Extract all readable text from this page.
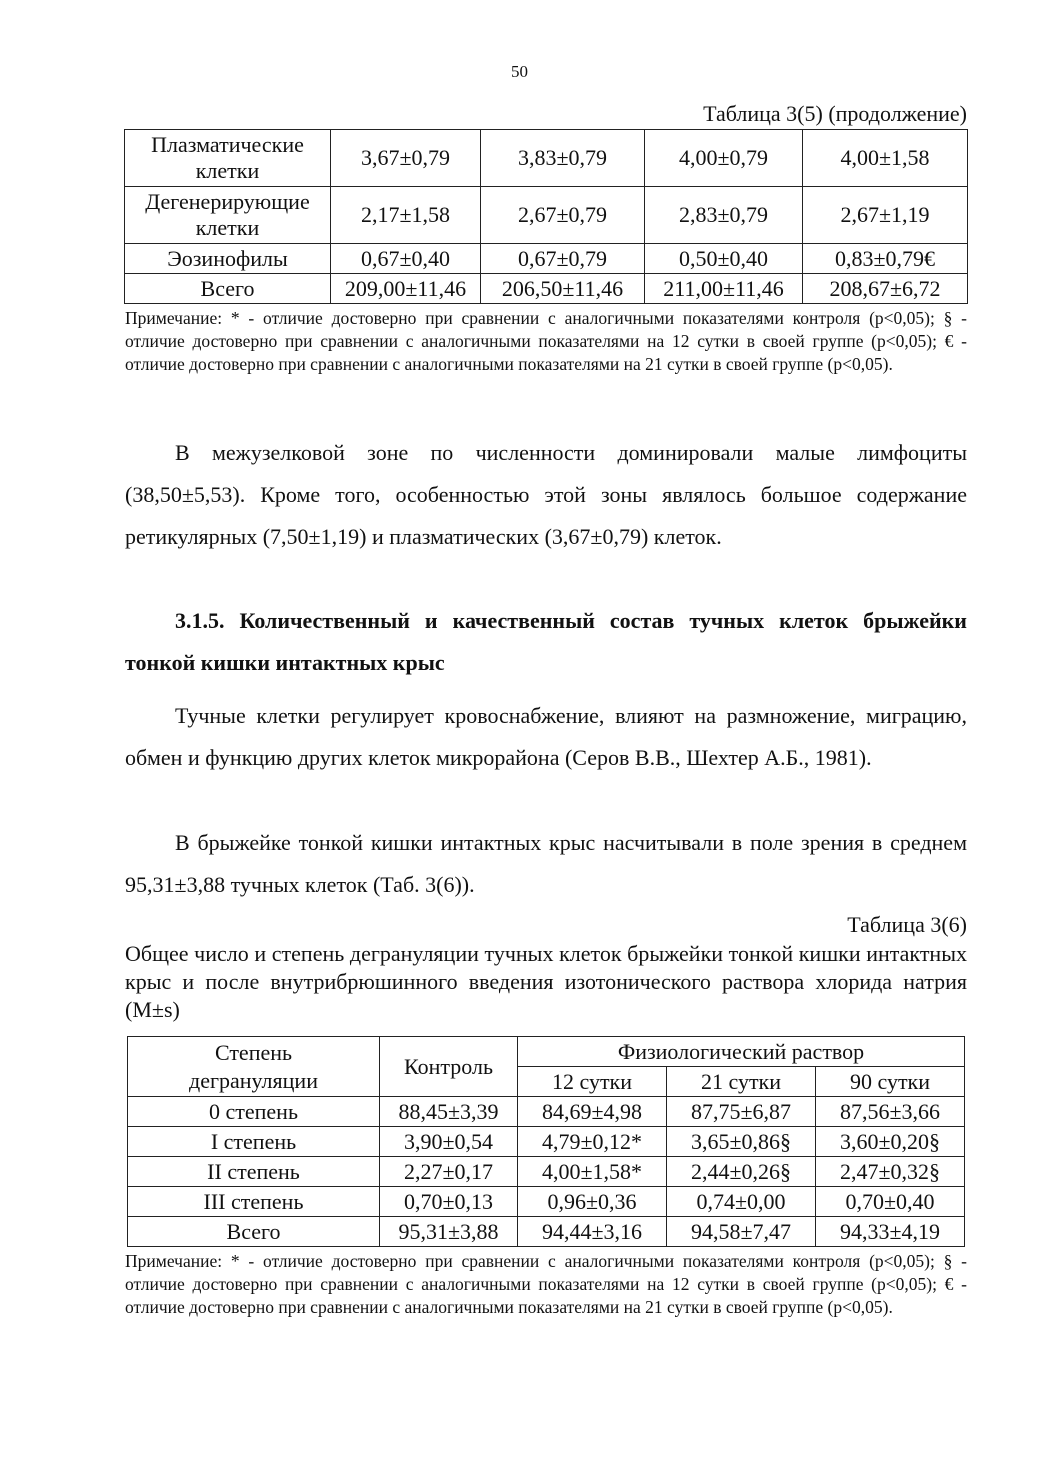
50
Таблица 3(5) (продолжение)
Плазматические клетки	3,67±0,79	3,83±0,79	4,00±0,79	4,00±1,58
Дегенерирующие клетки	2,17±1,58	2,67±0,79	2,83±0,79	2,67±1,19
Эозинофилы	0,67±0,40	0,67±0,79	0,50±0,40	0,83±0,79€
Всего	209,00±11,46	206,50±11,46	211,00±11,46	208,67±6,72
Примечание: * - отличие достоверно при сравнении с аналогичными показателями контроля (р<0,05); § - отличие достоверно при сравнении с аналогичными показателями на 12 сутки в своей группе (р<0,05); € - отличие достоверно при сравнении с аналогичными показателями на 21 сутки в своей группе (р<0,05).

В межузелковой зоне по численности доминировали малые лимфоциты (38,50±5,53). Кроме того, особенностью этой зоны являлось большое содержание ретикулярных (7,50±1,19) и плазматических (3,67±0,79) клеток.

3.1.5. Количественный и качественный состав тучных клеток брыжейки тонкой кишки интактных крыс

Тучные клетки регулирует кровоснабжение, влияют на размножение, миграцию, обмен и функцию других клеток микрорайона (Серов В.В., Шехтер А.Б., 1981).

В брыжейке тонкой кишки интактных крыс насчитывали в поле зрения в среднем 95,31±3,88 тучных клеток (Таб. 3(6)).

Таблица 3(6)
Общее число и степень дегрануляции тучных клеток брыжейки тонкой кишки интактных крыс и после внутрибрюшинного введения изотонического раствора хлорида натрия (M±s)
Степень дегрануляции	Контроль	Физиологический раствор		
		12 сутки	21 сутки	90 сутки
0 степень	88,45±3,39	84,69±4,98	87,75±6,87	87,56±3,66
I степень	3,90±0,54	4,79±0,12*	3,65±0,86§	3,60±0,20§
II степень	2,27±0,17	4,00±1,58*	2,44±0,26§	2,47±0,32§
III степень	0,70±0,13	0,96±0,36	0,74±0,00	0,70±0,40
Всего	95,31±3,88	94,44±3,16	94,58±7,47	94,33±4,19
Примечание: * - отличие достоверно при сравнении с аналогичными показателями контроля (р<0,05); § - отличие достоверно при сравнении с аналогичными показателями на 12 сутки в своей группе (р<0,05); € - отличие достоверно при сравнении с аналогичными показателями на 21 сутки в своей группе (р<0,05).
